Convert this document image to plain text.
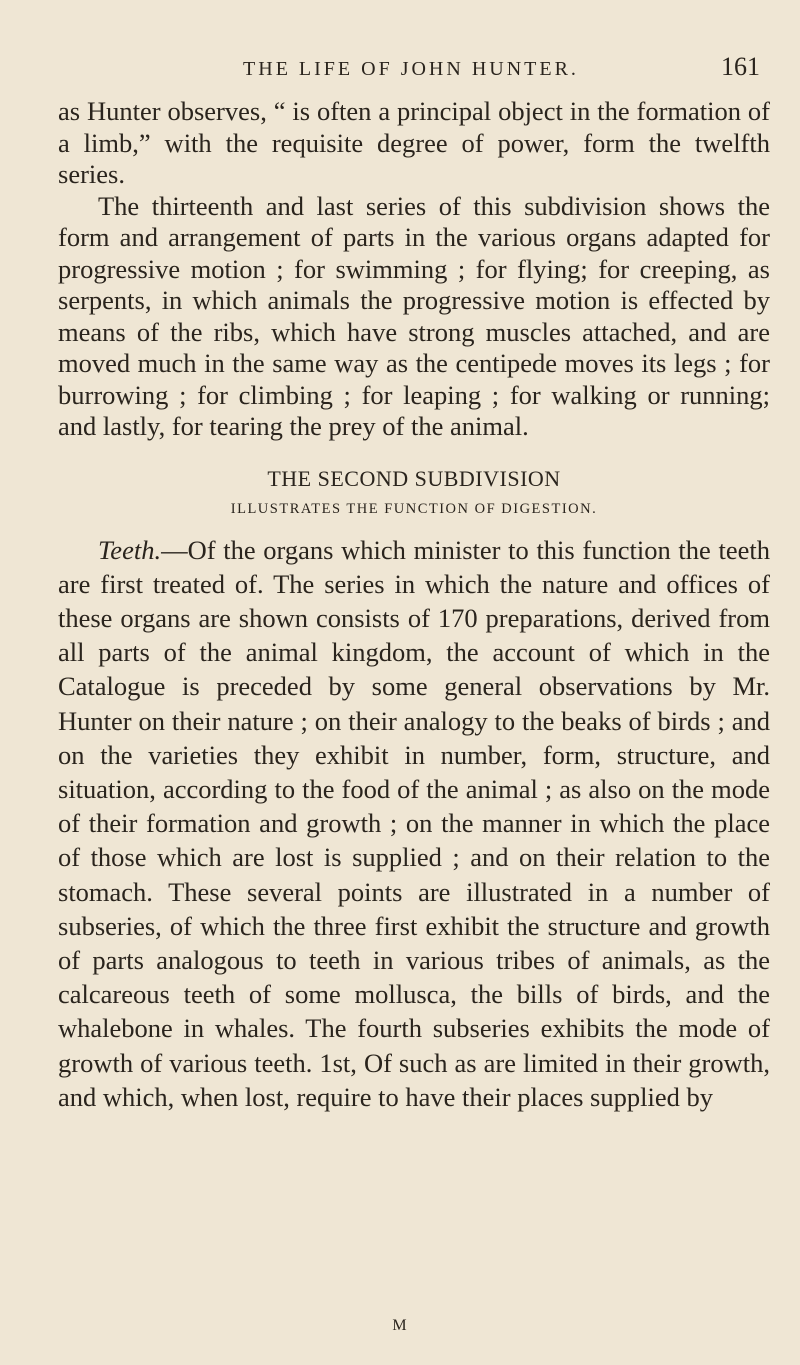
THE LIFE OF JOHN HUNTER.	161

as Hunter observes, “ is often a principal object in the formation of a limb,” with the requisite degree of power, form the twelfth series.

The thirteenth and last series of this subdivision shows the form and arrangement of parts in the various organs adapted for progressive motion ; for swimming ; for flying; for creeping, as serpents, in which animals the progressive motion is effected by means of the ribs, which have strong muscles attached, and are moved much in the same way as the centipede moves its legs ; for burrowing ; for climbing ; for leaping ; for walking or running; and lastly, for tearing the prey of the animal.

THE SECOND SUBDIVISION
ILLUSTRATES THE FUNCTION OF DIGESTION.

Teeth.—Of the organs which minister to this function the teeth are first treated of. The series in which the nature and offices of these organs are shown consists of 170 preparations, derived from all parts of the animal kingdom, the account of which in the Catalogue is preceded by some general observations by Mr. Hunter on their nature ; on their analogy to the beaks of birds ; and on the varieties they exhibit in number, form, structure, and situation, according to the food of the animal ; as also on the mode of their formation and growth ; on the manner in which the place of those which are lost is supplied ; and on their relation to the stomach. These several points are illustrated in a number of subseries, of which the three first exhibit the structure and growth of parts analogous to teeth in various tribes of animals, as the calcareous teeth of some mollusca, the bills of birds, and the whalebone in whales. The fourth subseries exhibits the mode of growth of various teeth. 1st, Of such as are limited in their growth, and which, when lost, require to have their places supplied by

M
